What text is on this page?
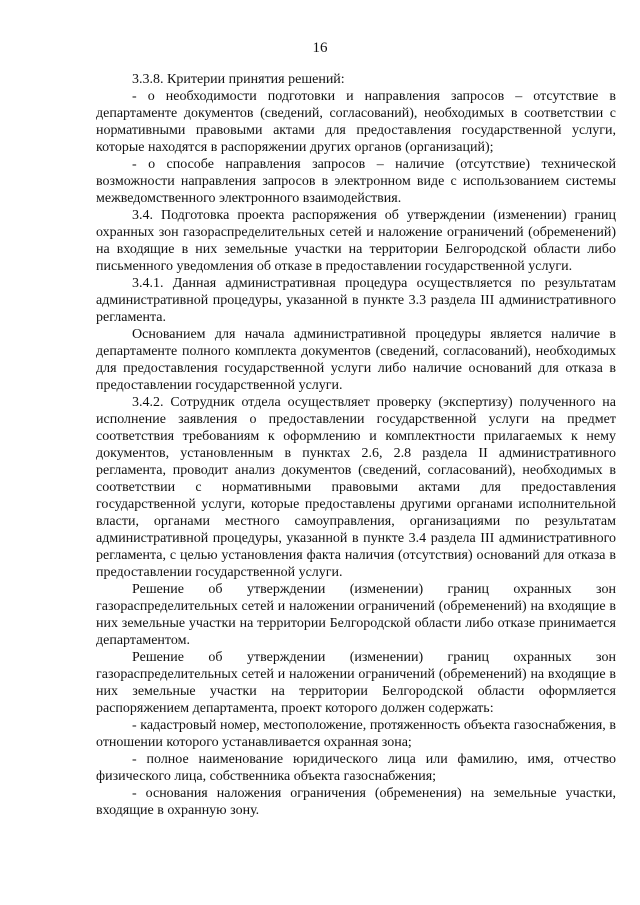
16

3.3.8. Критерии принятия решений:

- о необходимости подготовки и направления запросов – отсутствие в департаменте документов (сведений, согласований), необходимых в соответствии с нормативными правовыми актами для предоставления государственной услуги, которые находятся в распоряжении других органов (организаций);

- о способе направления запросов – наличие (отсутствие) технической возможности направления запросов в электронном виде с использованием системы межведомственного электронного взаимодействия.

3.4. Подготовка проекта распоряжения об утверждении (изменении) границ охранных зон газораспределительных сетей и наложение ограничений (обременений) на входящие в них земельные участки на территории Белгородской области либо письменного уведомления об отказе в предоставлении государственной услуги.

3.4.1. Данная административная процедура осуществляется по результатам административной процедуры, указанной в пункте 3.3 раздела III административного регламента.

Основанием для начала административной процедуры является наличие в департаменте полного комплекта документов (сведений, согласований), необходимых для предоставления государственной услуги либо наличие оснований для отказа в предоставлении государственной услуги.

3.4.2. Сотрудник отдела осуществляет проверку (экспертизу) полученного на исполнение заявления о предоставлении государственной услуги на предмет соответствия требованиям к оформлению и комплектности прилагаемых к нему документов, установленным в пунктах 2.6, 2.8 раздела II административного регламента, проводит анализ документов (сведений, согласований), необходимых в соответствии с нормативными правовыми актами для предоставления государственной услуги, которые предоставлены другими органами исполнительной власти, органами местного самоуправления, организациями по результатам административной процедуры, указанной в пункте 3.4 раздела III административного регламента, с целью установления факта наличия (отсутствия) оснований для отказа в предоставлении государственной услуги.

Решение об утверждении (изменении) границ охранных зон газораспределительных сетей и наложении ограничений (обременений) на входящие в них земельные участки на территории Белгородской области либо отказе принимается департаментом.

Решение об утверждении (изменении) границ охранных зон газораспределительных сетей и наложении ограничений (обременений) на входящие в них земельные участки на территории Белгородской области оформляется распоряжением департамента, проект которого должен содержать:

- кадастровый номер, местоположение, протяженность объекта газоснабжения, в отношении которого устанавливается охранная зона;

- полное наименование юридического лица или фамилию, имя, отчество физического лица, собственника объекта газоснабжения;

- основания наложения ограничения (обременения) на земельные участки, входящие в охранную зону.
